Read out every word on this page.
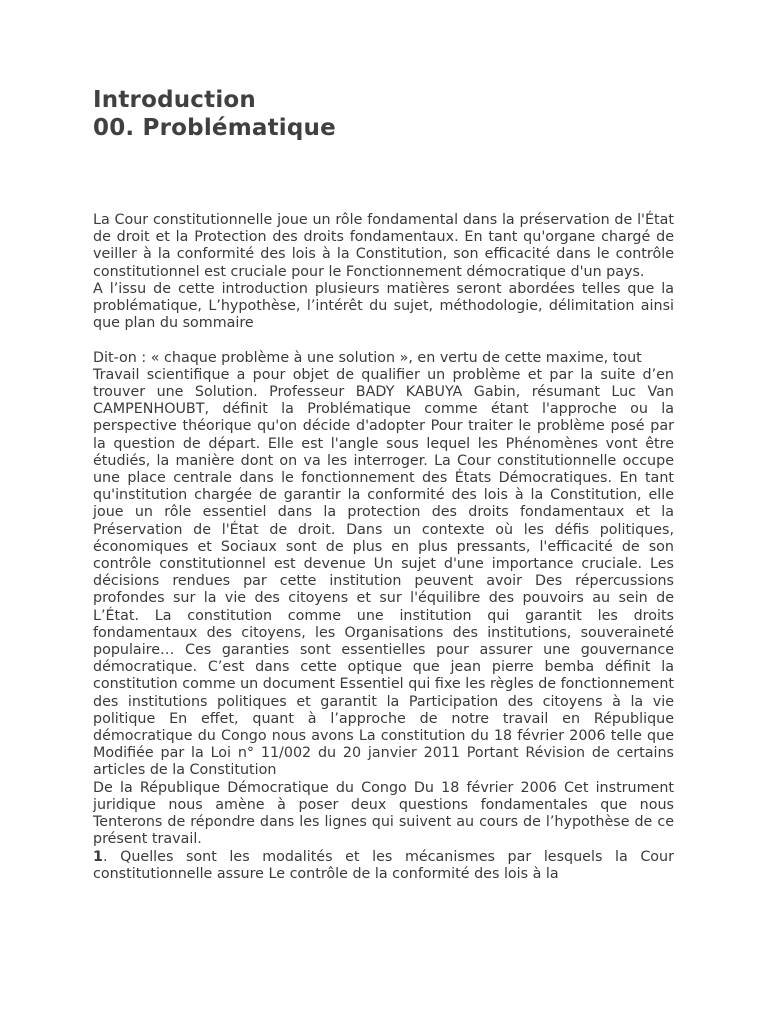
Introduction
00. Problématique

La Cour constitutionnelle joue un rôle fondamental dans la préservation de l'État de droit et la Protection des droits fondamentaux. En tant qu'organe chargé de veiller à la conformité des lois à la Constitution, son efficacité dans le contrôle constitutionnel est cruciale pour le Fonctionnement démocratique d'un pays.

A l’issu de cette introduction plusieurs matières seront abordées telles que la problématique, L’hypothèse, l’intérêt du sujet, méthodologie, délimitation ainsi que plan du sommaire

Dit-on : « chaque problème à une solution », en vertu de cette maxime, tout

Travail scientifique a pour objet de qualifier un problème et par la suite d’en trouver une Solution. Professeur BADY KABUYA Gabin, résumant Luc Van CAMPENHOUBT, définit la Problématique comme étant l'approche ou la perspective théorique qu'on décide d'adopter Pour traiter le problème posé par la question de départ. Elle est l'angle sous lequel les Phénomènes vont être étudiés, la manière dont on va les interroger. La Cour constitutionnelle occupe une place centrale dans le fonctionnement des États Démocratiques. En tant qu'institution chargée de garantir la conformité des lois à la Constitution, elle joue un rôle essentiel dans la protection des droits fondamentaux et la Préservation de l'État de droit. Dans un contexte où les défis politiques, économiques et Sociaux sont de plus en plus pressants, l'efficacité de son contrôle constitutionnel est devenue Un sujet d'une importance cruciale. Les décisions rendues par cette institution peuvent avoir Des répercussions profondes sur la vie des citoyens et sur l'équilibre des pouvoirs au sein de L’État. La constitution comme une institution qui garantit les droits fondamentaux des citoyens, les Organisations des institutions, souveraineté populaire… Ces garanties sont essentielles pour assurer une gouvernance démocratique. C’est dans cette optique que jean pierre bemba définit la constitution comme un document Essentiel qui fixe les règles de fonctionnement des institutions politiques et garantit la Participation des citoyens à la vie politique En effet, quant à l’approche de notre travail en République démocratique du Congo nous avons La constitution du 18 février 2006 telle que Modifiée par la Loi n° 11/002 du 20 janvier 2011 Portant Révision de certains articles de la Constitution

De la République Démocratique du Congo Du 18 février 2006 Cet instrument juridique nous amène à poser deux questions fondamentales que nous Tenterons de répondre dans les lignes qui suivent au cours de l’hypothèse de ce présent travail.

1. Quelles sont les modalités et les mécanismes par lesquels la Cour constitutionnelle assure Le contrôle de la conformité des lois à la
